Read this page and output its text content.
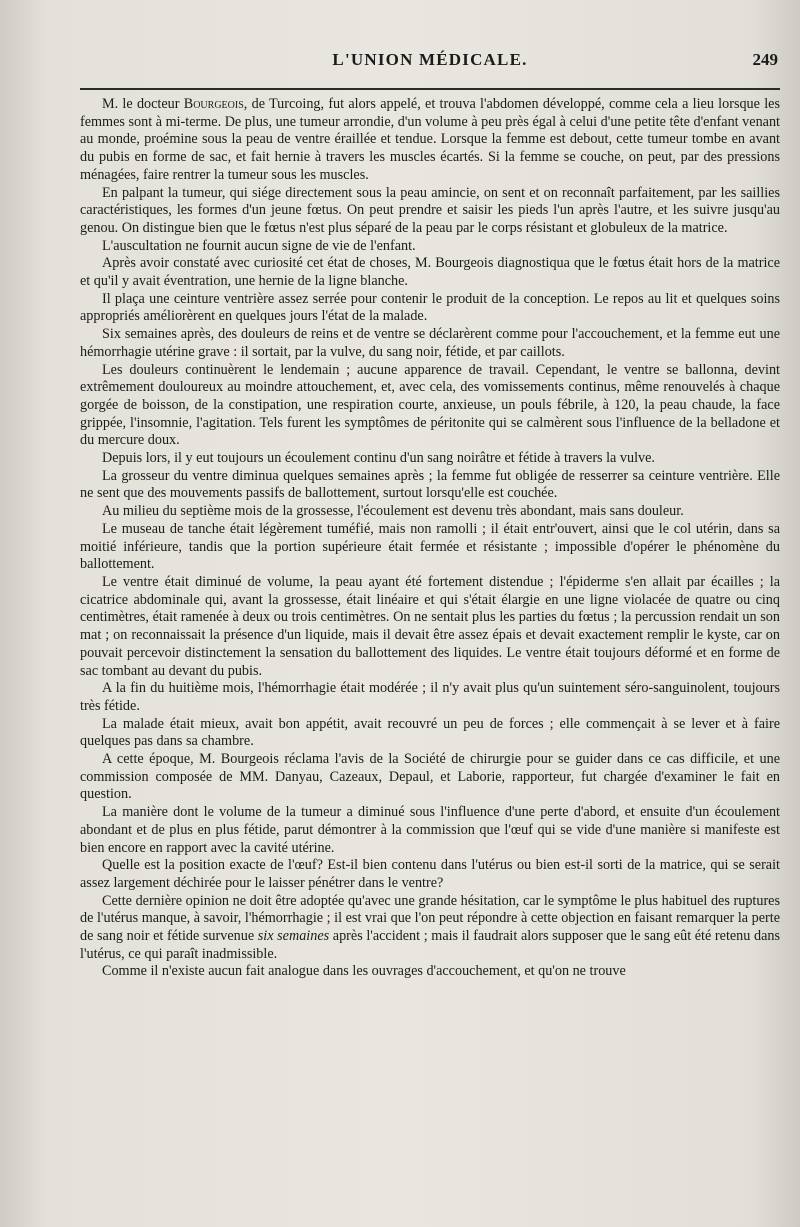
L'UNION MÉDICALE.	249

M. le docteur Bourgeois, de Turcoing, fut alors appelé, et trouva l'abdomen développé, comme cela a lieu lorsque les femmes sont à mi-terme. De plus, une tumeur arrondie, d'un volume à peu près égal à celui d'une petite tête d'enfant venant au monde, proémine sous la peau de ventre éraillée et tendue. Lorsque la femme est debout, cette tumeur tombe en avant du pubis en forme de sac, et fait hernie à travers les muscles écartés. Si la femme se couche, on peut, par des pressions ménagées, faire rentrer la tumeur sous les muscles.

En palpant la tumeur, qui siége directement sous la peau amincie, on sent et on reconnaît parfaitement, par les saillies caractéristiques, les formes d'un jeune fœtus. On peut prendre et saisir les pieds l'un après l'autre, et les suivre jusqu'au genou. On distingue bien que le fœtus n'est plus séparé de la peau par le corps résistant et globuleux de la matrice.

L'auscultation ne fournit aucun signe de vie de l'enfant.

Après avoir constaté avec curiosité cet état de choses, M. Bourgeois diagnostiqua que le fœtus était hors de la matrice et qu'il y avait éventration, une hernie de la ligne blanche.

Il plaça une ceinture ventrière assez serrée pour contenir le produit de la conception. Le repos au lit et quelques soins appropriés améliorèrent en quelques jours l'état de la malade.

Six semaines après, des douleurs de reins et de ventre se déclarèrent comme pour l'accouchement, et la femme eut une hémorrhagie utérine grave : il sortait, par la vulve, du sang noir, fétide, et par caillots.

Les douleurs continuèrent le lendemain ; aucune apparence de travail. Cependant, le ventre se ballonna, devint extrêmement douloureux au moindre attouchement, et, avec cela, des vomissements continus, même renouvelés à chaque gorgée de boisson, de la constipation, une respiration courte, anxieuse, un pouls fébrile, à 120, la peau chaude, la face grippée, l'insomnie, l'agitation. Tels furent les symptômes de péritonite qui se calmèrent sous l'influence de la belladone et du mercure doux.

Depuis lors, il y eut toujours un écoulement continu d'un sang noirâtre et fétide à travers la vulve.

La grosseur du ventre diminua quelques semaines après ; la femme fut obligée de resserrer sa ceinture ventrière. Elle ne sent que des mouvements passifs de ballottement, surtout lorsqu'elle est couchée.

Au milieu du septième mois de la grossesse, l'écoulement est devenu très abondant, mais sans douleur.

Le museau de tanche était légèrement tuméfié, mais non ramolli ; il était entr'ouvert, ainsi que le col utérin, dans sa moitié inférieure, tandis que la portion supérieure était fermée et résistante ; impossible d'opérer le phénomène du ballottement.

Le ventre était diminué de volume, la peau ayant été fortement distendue ; l'épiderme s'en allait par écailles ; la cicatrice abdominale qui, avant la grossesse, était linéaire et qui s'était élargie en une ligne violacée de quatre ou cinq centimètres, était ramenée à deux ou trois centimètres. On ne sentait plus les parties du fœtus ; la percussion rendait un son mat ; on reconnaissait la présence d'un liquide, mais il devait être assez épais et devait exactement remplir le kyste, car on pouvait percevoir distinctement la sensation du ballottement des liquides. Le ventre était toujours déformé et en forme de sac tombant au devant du pubis.

A la fin du huitième mois, l'hémorrhagie était modérée ; il n'y avait plus qu'un suintement séro-sanguinolent, toujours très fétide.

La malade était mieux, avait bon appétit, avait recouvré un peu de forces ; elle commençait à se lever et à faire quelques pas dans sa chambre.

A cette époque, M. Bourgeois réclama l'avis de la Société de chirurgie pour se guider dans ce cas difficile, et une commission composée de MM. Danyau, Cazeaux, Depaul, et Laborie, rapporteur, fut chargée d'examiner le fait en question.

La manière dont le volume de la tumeur a diminué sous l'influence d'une perte d'abord, et ensuite d'un écoulement abondant et de plus en plus fétide, parut démontrer à la commission que l'œuf qui se vide d'une manière si manifeste est bien encore en rapport avec la cavité utérine.

Quelle est la position exacte de l'œuf? Est-il bien contenu dans l'utérus ou bien est-il sorti de la matrice, qui se serait assez largement déchirée pour le laisser pénétrer dans le ventre?

Cette dernière opinion ne doit être adoptée qu'avec une grande hésitation, car le symptôme le plus habituel des ruptures de l'utérus manque, à savoir, l'hémorrhagie ; il est vrai que l'on peut répondre à cette objection en faisant remarquer la perte de sang noir et fétide survenue six semaines après l'accident ; mais il faudrait alors supposer que le sang eût été retenu dans l'utérus, ce qui paraît inadmissible.

Comme il n'existe aucun fait analogue dans les ouvrages d'accouchement, et qu'on ne trouve
